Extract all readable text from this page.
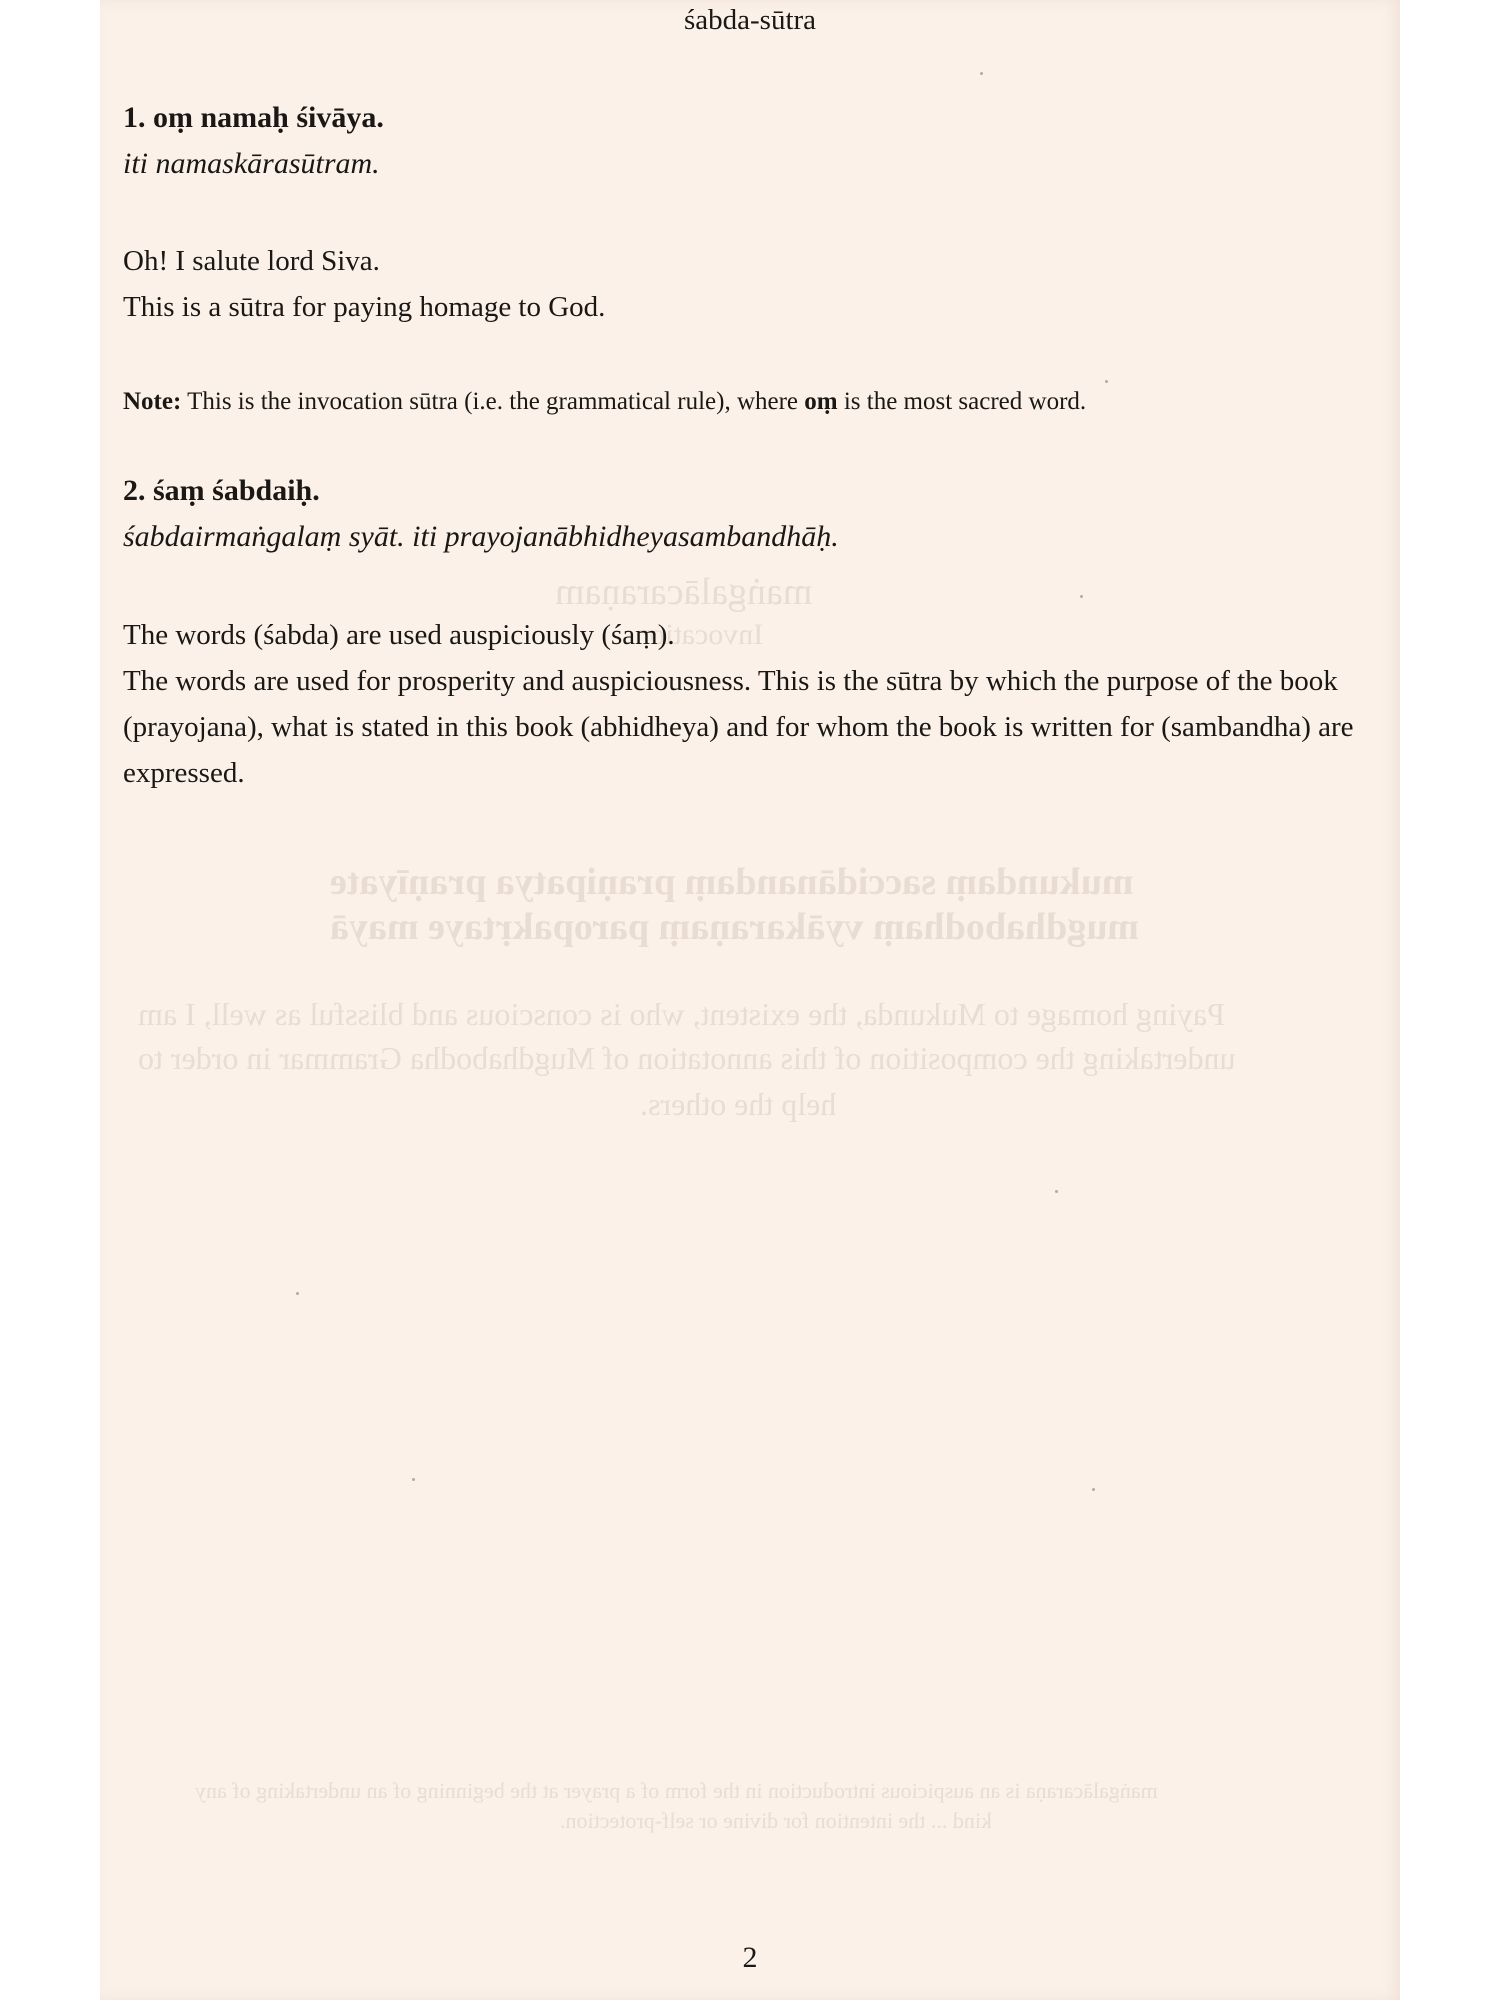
maṅgalācaraṇam
Invocation
mukundaṃ saccidānandaṃ praṇipatya praṇīyate
mugdhabodhaṃ vyākaraṇaṃ paropakṛtaye mayā
Paying homage to Mukunda, the existent, who is conscious and blissful as well, I am
undertaking the composition of this annotation of Mugdhabodha Grammar in order to
help the others.
maṅgalācaraṇa is an auspicious introduction in the form of a prayer at the beginning of an undertaking of any
kind ... the intention for divine or self-protection.
śabda-sūtra
1. oṃ namaḥ śivāya.
iti namaskārasūtram.
Oh! I salute lord Siva.
This is a sūtra for paying homage to God.
Note: This is the invocation sūtra (i.e. the grammatical rule), where oṃ is the most sacred word.
2. śaṃ śabdaiḥ.
śabdairmaṅgalaṃ syāt. iti prayojanābhidheyasambandhāḥ.
The words (śabda) are used auspiciously (śaṃ).
The words are used for prosperity and auspiciousness. This is the sūtra by which the purpose of the book (prayojana), what is stated in this book (abhidheya) and for whom the book is written for (sambandha) are expressed.
2
